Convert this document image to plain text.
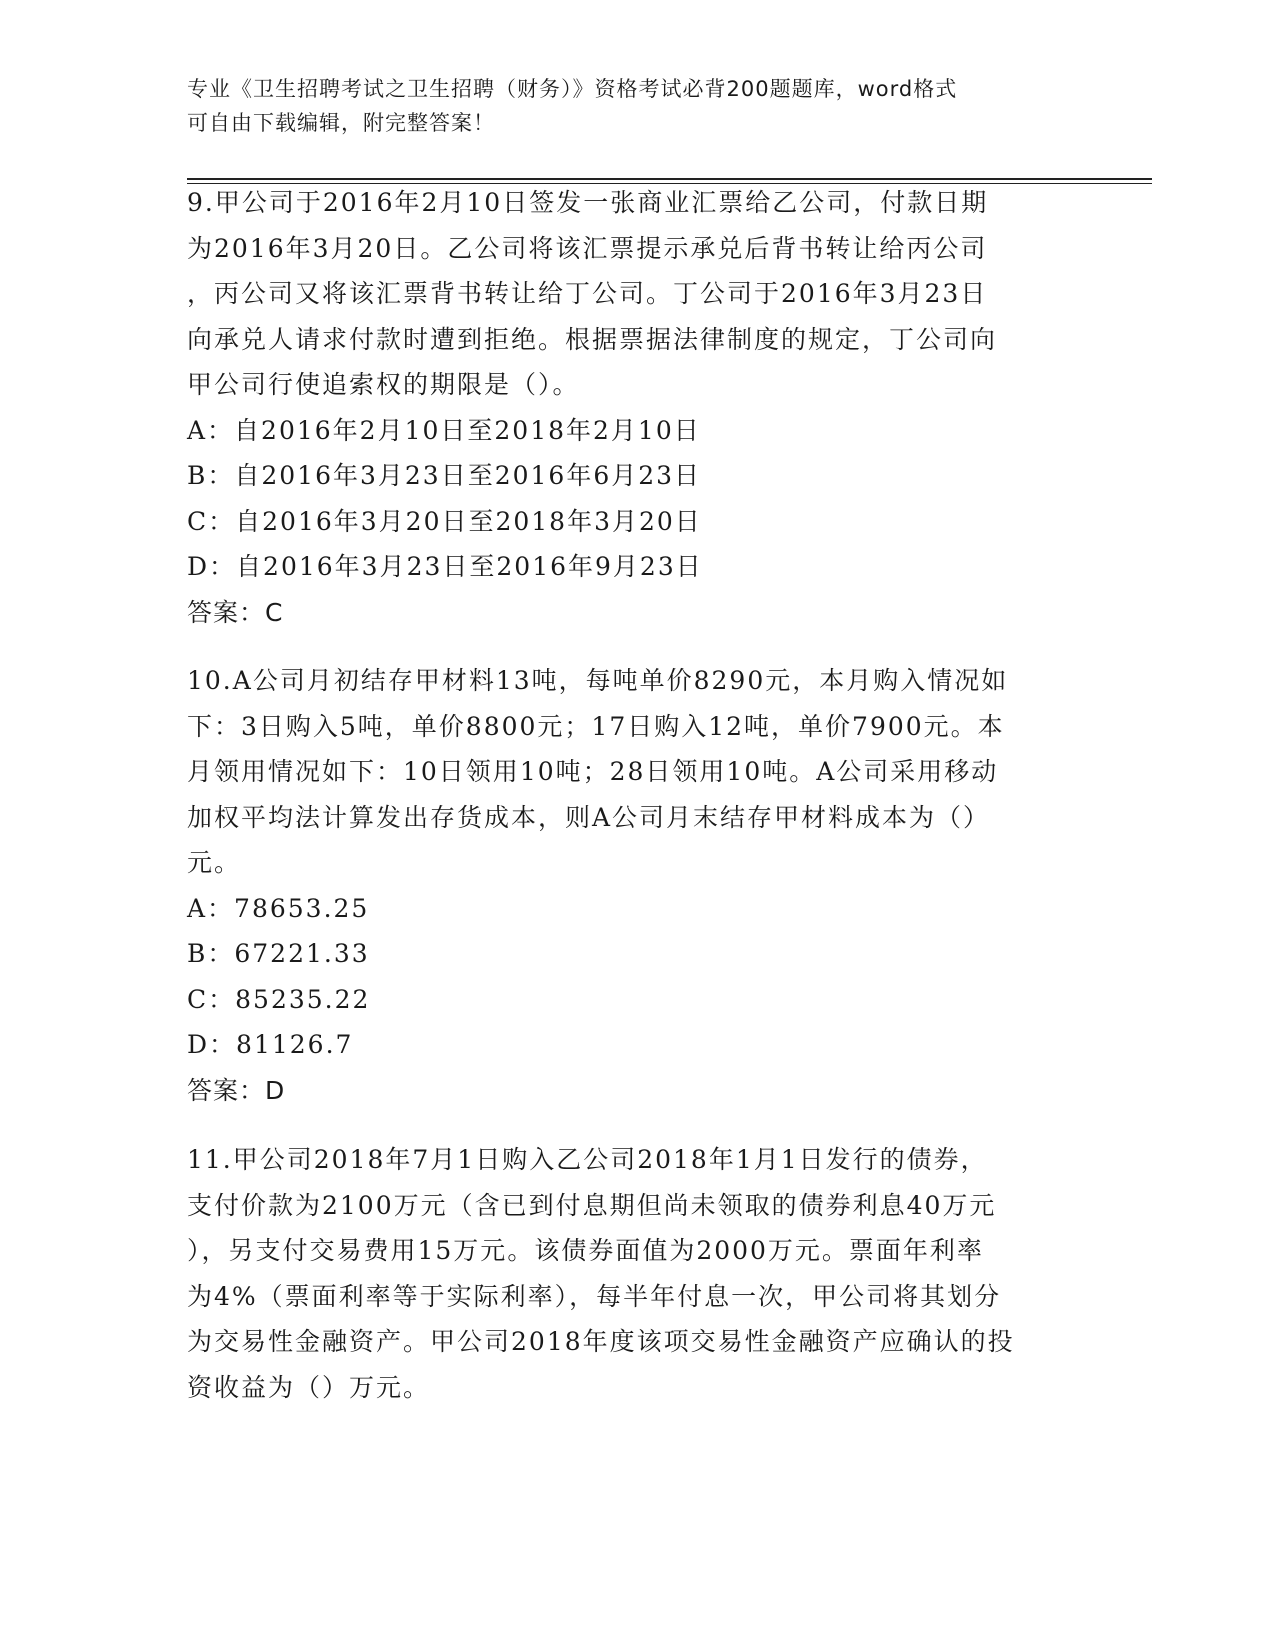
专业《卫生招聘考试之卫生招聘（财务）》资格考试必背200题题库，word格式
可自由下载编辑，附完整答案！
9.甲公司于2016年2月10日签发一张商业汇票给乙公司，付款日期
为2016年3月20日。乙公司将该汇票提示承兑后背书转让给丙公司
，丙公司又将该汇票背书转让给丁公司。丁公司于2016年3月23日
向承兑人请求付款时遭到拒绝。根据票据法律制度的规定，丁公司向
甲公司行使追索权的期限是（）。
A：自2016年2月10日至2018年2月10日
B：自2016年3月23日至2016年6月23日
C：自2016年3月20日至2018年3月20日
D：自2016年3月23日至2016年9月23日
答案：C
10.A公司月初结存甲材料13吨，每吨单价8290元，本月购入情况如
下：3日购入5吨，单价8800元；17日购入12吨，单价7900元。本
月领用情况如下：10日领用10吨；28日领用10吨。A公司采用移动
加权平均法计算发出存货成本，则A公司月末结存甲材料成本为（）
元。
A：78653.25
B：67221.33
C：85235.22
D：81126.7
答案：D
11.甲公司2018年7月1日购入乙公司2018年1月1日发行的债券，
支付价款为2100万元（含已到付息期但尚未领取的债券利息40万元
），另支付交易费用15万元。该债券面值为2000万元。票面年利率
为4%（票面利率等于实际利率），每半年付息一次，甲公司将其划分
为交易性金融资产。甲公司2018年度该项交易性金融资产应确认的投
资收益为（）万元。
